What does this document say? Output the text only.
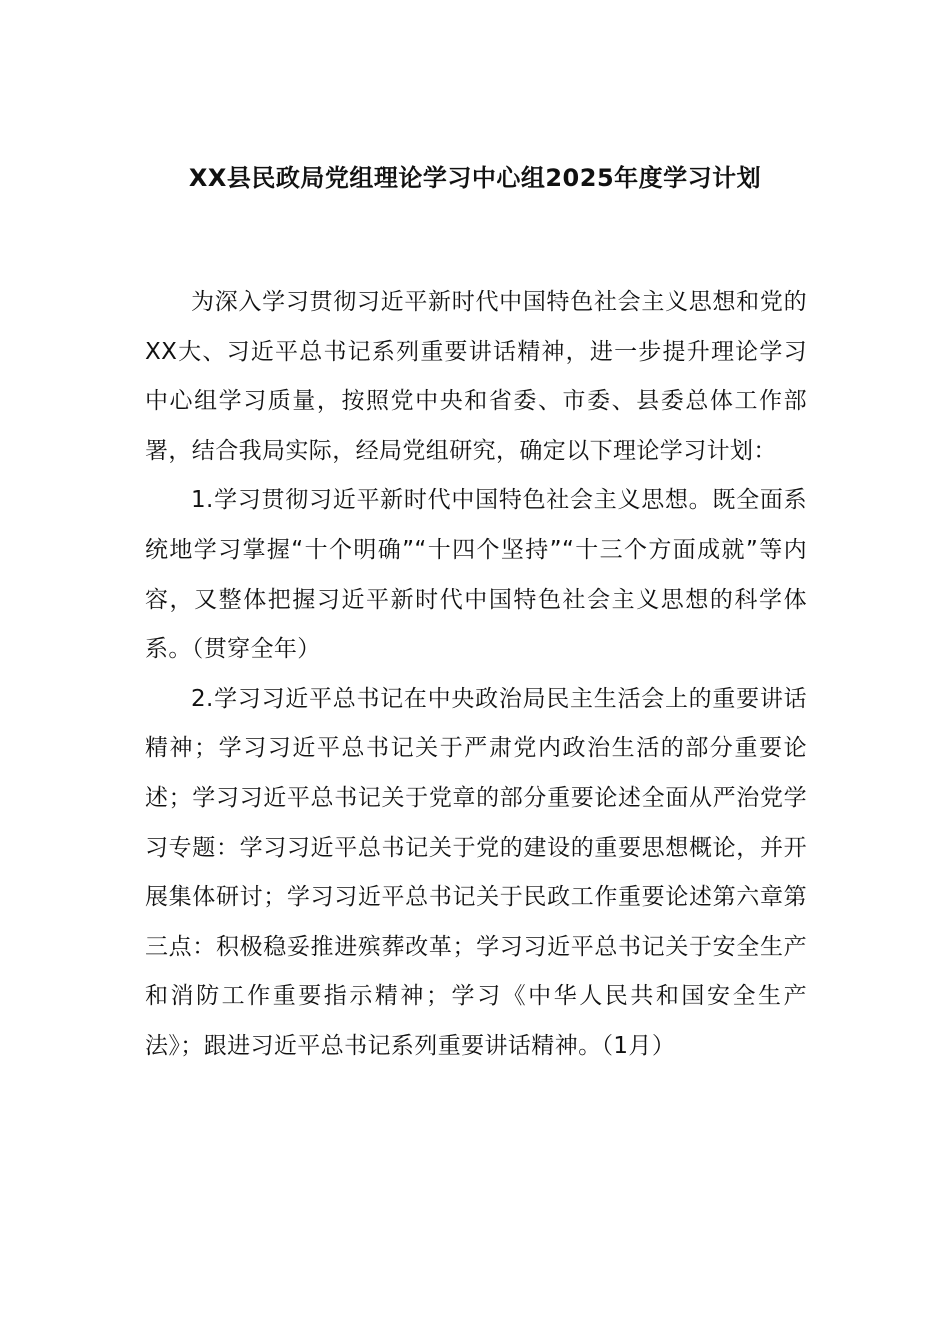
XX县民政局党组理论学习中心组2025年度学习计划

为深入学习贯彻习近平新时代中国特色社会主义思想和党的XX大、习近平总书记系列重要讲话精神，进一步提升理论学习中心组学习质量，按照党中央和省委、市委、县委总体工作部署，结合我局实际，经局党组研究，确定以下理论学习计划：

1.学习贯彻习近平新时代中国特色社会主义思想。既全面系统地学习掌握“十个明确”“十四个坚持”“十三个方面成就”等内容，又整体把握习近平新时代中国特色社会主义思想的科学体系。（贯穿全年）

2.学习习近平总书记在中央政治局民主生活会上的重要讲话精神；学习习近平总书记关于严肃党内政治生活的部分重要论述；学习习近平总书记关于党章的部分重要论述全面从严治党学习专题：学习习近平总书记关于党的建设的重要思想概论，并开展集体研讨；学习习近平总书记关于民政工作重要论述第六章第三点：积极稳妥推进殡葬改革；学习习近平总书记关于安全生产和消防工作重要指示精神；学习《中华人民共和国安全生产法》；跟进习近平总书记系列重要讲话精神。（1月）
